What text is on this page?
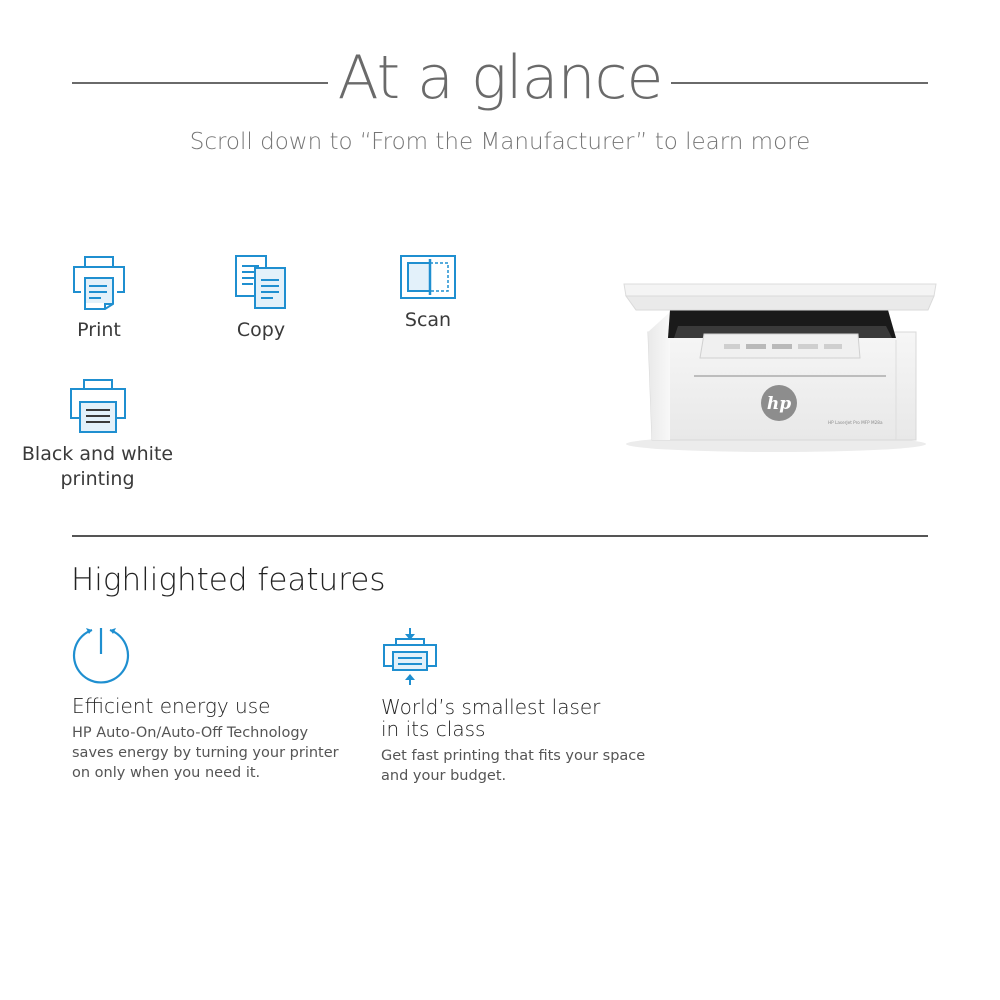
At a glance
Scroll down to “From the Manufacturer” to learn more
Print	Copy	Scan
Black and white
printing
hp
HP LaserJet Pro MFP M28a
Highlighted features
Efficient energy use
HP Auto-On/Auto-Off Technology
saves energy by turning your printer
on only when you need it.
World’s smallest laser
in its class
Get fast printing that fits your space
and your budget.
